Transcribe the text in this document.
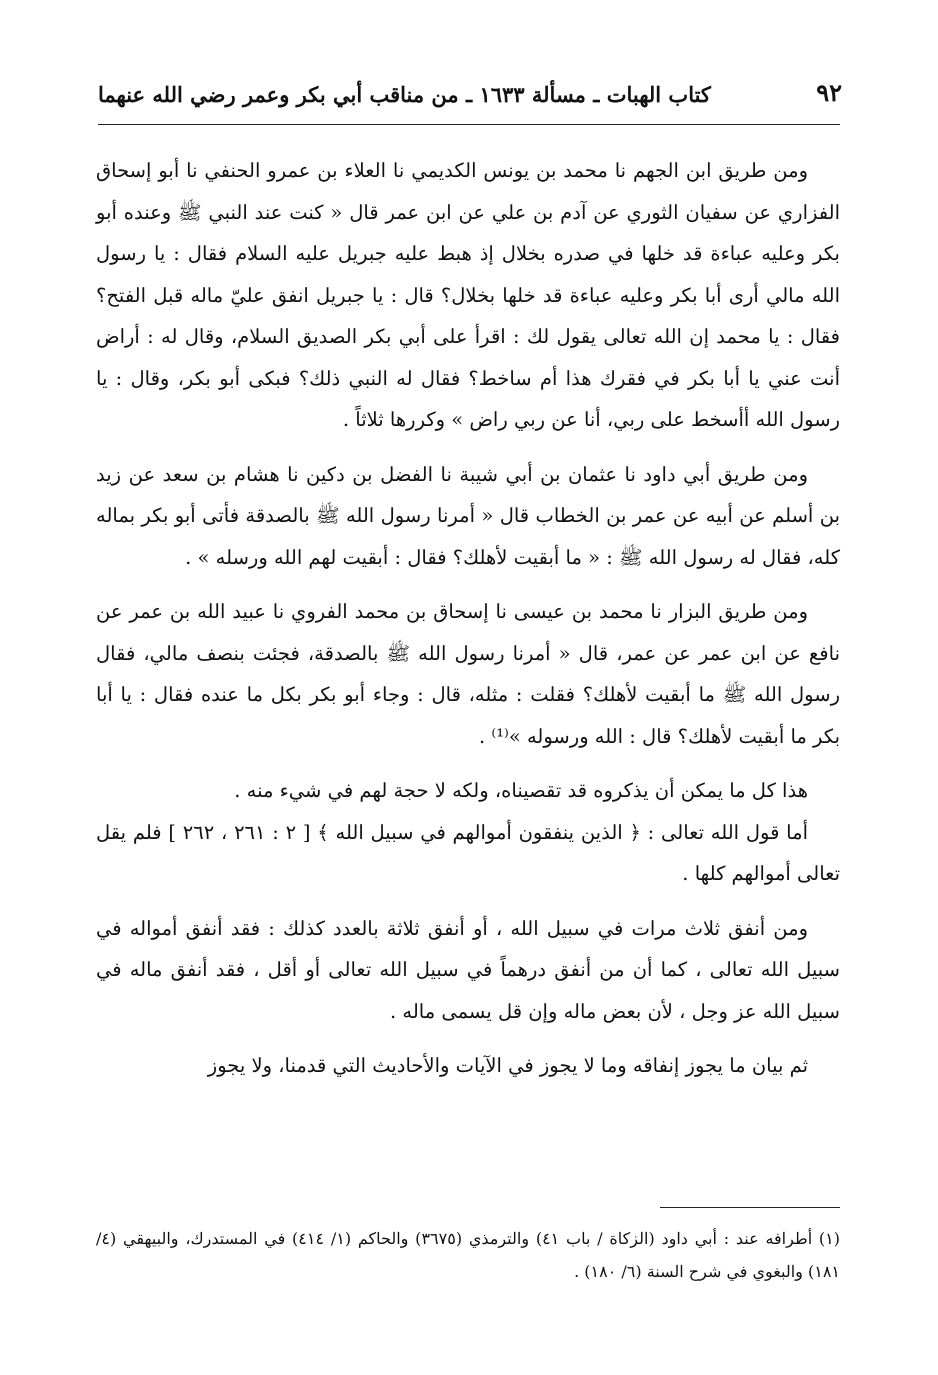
٩٢
كتاب الهبات ـ مسألة ١٦٣٣ ـ من مناقب أبي بكر وعمر رضي الله عنهما

ومن طريق ابن الجهم نا محمد بن يونس الكديمي نا العلاء بن عمرو الحنفي نا أبو إسحاق الفزاري عن سفيان الثوري عن آدم بن علي عن ابن عمر قال « كنت عند النبي ﷺ وعنده أبو بكر وعليه عباءة قد خلها في صدره بخلال إذ هبط عليه جبريل عليه السلام فقال : يا رسول الله مالي أرى أبا بكر وعليه عباءة قد خلها بخلال؟ قال : يا جبريل انفق عليّ ماله قبل الفتح؟ فقال : يا محمد إن الله تعالى يقول لك : اقرأ على أبي بكر الصديق السلام، وقال له : أراض أنت عني يا أبا بكر في فقرك هذا أم ساخط؟ فقال له النبي ذلك؟ فبكى أبو بكر، وقال : يا رسول الله أأسخط على ربي، أنا عن ربي راض » وكررها ثلاثاً .

ومن طريق أبي داود نا عثمان بن أبي شيبة نا الفضل بن دكين نا هشام بن سعد عن زيد بن أسلم عن أبيه عن عمر بن الخطاب قال « أمرنا رسول الله ﷺ بالصدقة فأتى أبو بكر بماله كله، فقال له رسول الله ﷺ : « ما أبقيت لأهلك؟ فقال : أبقيت لهم الله ورسله » .

ومن طريق البزار نا محمد بن عيسى نا إسحاق بن محمد الفروي نا عبيد الله بن عمر عن نافع عن ابن عمر عن عمر، قال « أمرنا رسول الله ﷺ بالصدقة، فجئت بنصف مالي، فقال رسول الله ﷺ ما أبقيت لأهلك؟ فقلت : مثله، قال : وجاء أبو بكر بكل ما عنده فقال : يا أبا بكر ما أبقيت لأهلك؟ قال : الله ورسوله »⁽¹⁾ .

هذا كل ما يمكن أن يذكروه قد تقصيناه، ولكه لا حجة لهم في شيء منه .

أما قول الله تعالى : ﴿ الذين ينفقون أموالهم في سبيل الله ﴾ [ ٢ : ٢٦١ ، ٢٦٢ ] فلم يقل تعالى أموالهم كلها .

ومن أنفق ثلاث مرات في سبيل الله ، أو أنفق ثلاثة بالعدد كذلك : فقد أنفق أمواله في سبيل الله تعالى ، كما أن من أنفق درهماً في سبيل الله تعالى أو أقل ، فقد أنفق ماله في سبيل الله عز وجل ، لأن بعض ماله وإن قل يسمى ماله .

ثم بيان ما يجوز إنفاقه وما لا يجوز في الآيات والأحاديث التي قدمنا، ولا يجوز

(١) أطرافه عند : أبي داود (الزكاة / باب ٤١) والترمذي (٣٦٧٥) والحاكم (١/ ٤١٤) في المستدرك، والبيهقي (٤/ ١٨١) والبغوي في شرح السنة (٦/ ١٨٠) .
